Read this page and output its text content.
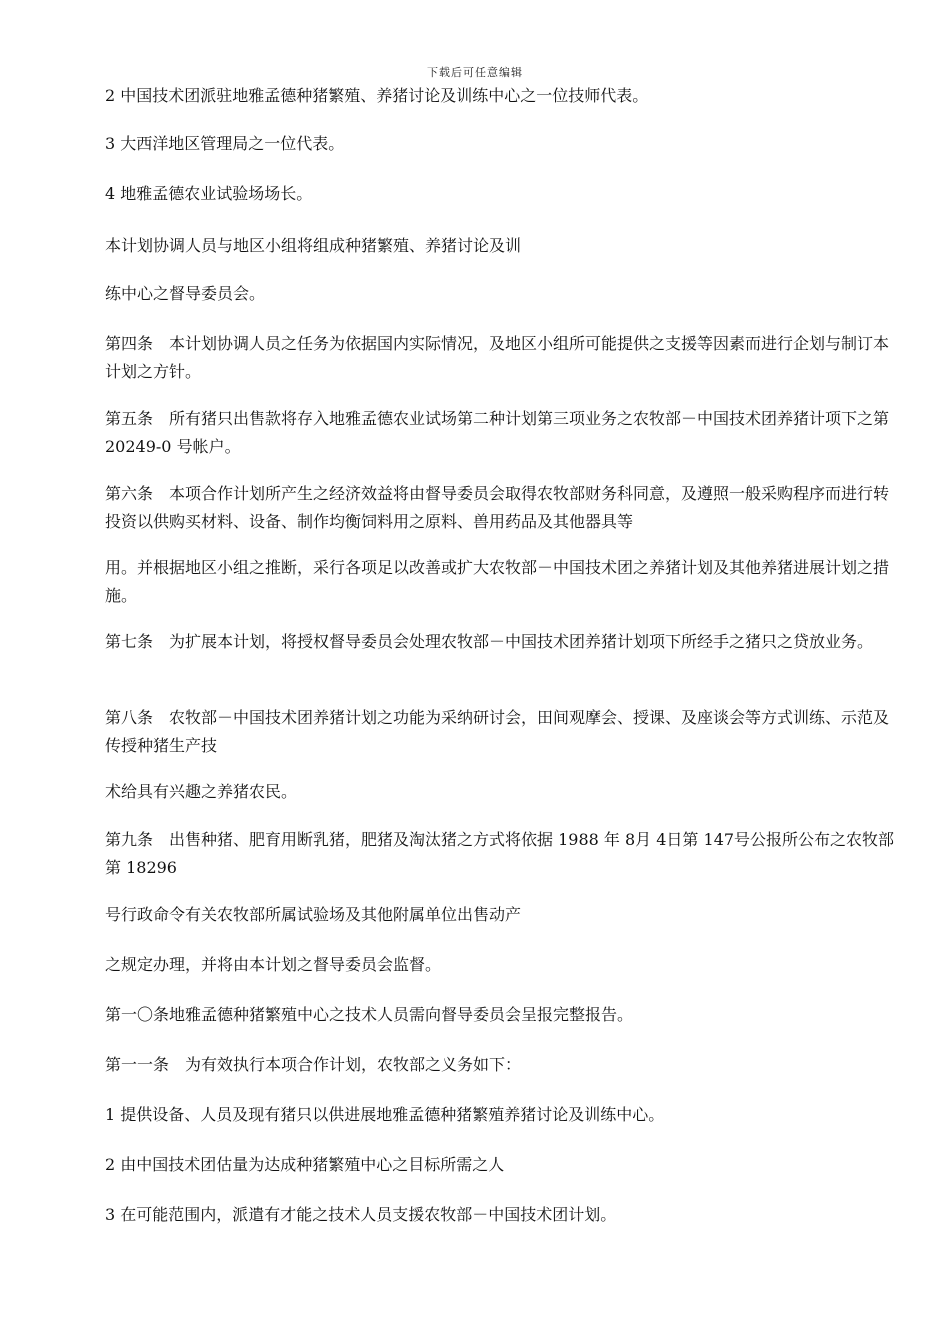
下载后可任意编辑

2 中国技术团派驻地雅孟德种猪繁殖、养猪讨论及训练中心之一位技师代表。

3 大西洋地区管理局之一位代表。

4 地雅孟德农业试验场场长。

本计划协调人员与地区小组将组成种猪繁殖、养猪讨论及训

练中心之督导委员会。

第四条　本计划协调人员之任务为依据国内实际情况，及地区小组所可能提供之支援等因素而进行企划与制订本计划之方针。

第五条　所有猪只出售款将存入地雅孟德农业试场第二种计划第三项业务之农牧部－中国技术团养猪计项下之第 20249-0 号帐户。

第六条　本项合作计划所产生之经济效益将由督导委员会取得农牧部财务科同意，及遵照一般采购程序而进行转投资以供购买材料、设备、制作均衡饲料用之原料、兽用药品及其他器具等

用。并根据地区小组之推断，采行各项足以改善或扩大农牧部－中国技术团之养猪计划及其他养猪进展计划之措施。

第七条　为扩展本计划，将授权督导委员会处理农牧部－中国技术团养猪计划项下所经手之猪只之贷放业务。

第八条　农牧部－中国技术团养猪计划之功能为采纳研讨会，田间观摩会、授课、及座谈会等方式训练、示范及传授种猪生产技

术给具有兴趣之养猪农民。

第九条　出售种猪、肥育用断乳猪，肥猪及淘汰猪之方式将依据 1988 年 8月 4日第 147号公报所公布之农牧部第 18296

号行政命令有关农牧部所属试验场及其他附属单位出售动产

之规定办理，并将由本计划之督导委员会监督。

第一〇条地雅孟德种猪繁殖中心之技术人员需向督导委员会呈报完整报告。

第一一条　为有效执行本项合作计划，农牧部之义务如下：

1 提供设备、人员及现有猪只以供进展地雅孟德种猪繁殖养猪讨论及训练中心。

2 由中国技术团估量为达成种猪繁殖中心之目标所需之人

3 在可能范围内，派遣有才能之技术人员支援农牧部－中国技术团计划。
